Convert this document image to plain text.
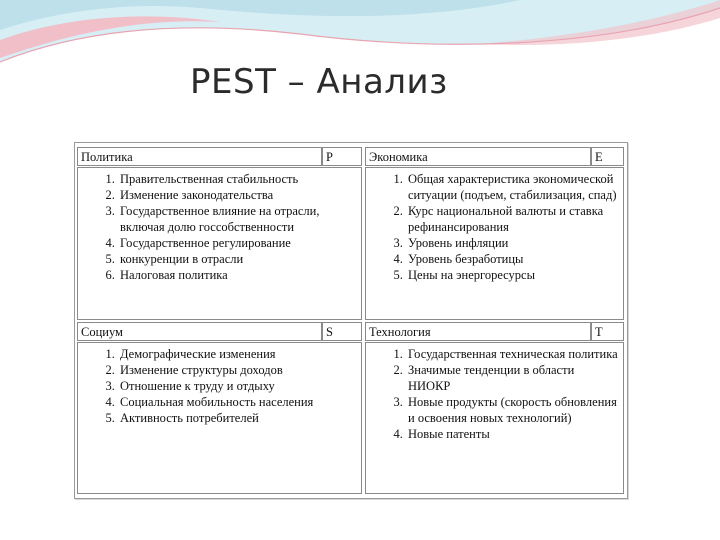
PEST – Анализ
Политика	P
1. Правительственная стабильность
2. Изменение законодательства
3. Государственное влияние на отрасли, включая долю госсобственности
4. Государственное регулирование
5. конкуренции в отрасли
6. Налоговая политика
Экономика	E
1. Общая характеристика экономической ситуации (подъем, стабилизация, спад)
2. Курс национальной валюты и ставка рефинансирования
3. Уровень инфляции
4. Уровень безработицы
5. Цены на энергоресурсы
Социум	S
1. Демографические изменения
2. Изменение структуры доходов
3. Отношение к труду и отдыху
4. Социальная мобильность населения
5. Активность потребителей
Технология	T
1. Государственная техническая политика
2. Значимые тенденции в области НИОКР
3. Новые продукты (скорость обновления и освоения новых технологий)
4. Новые патенты
